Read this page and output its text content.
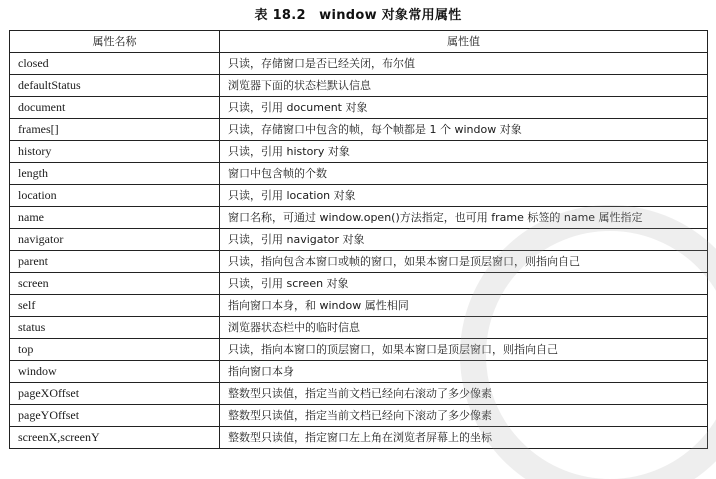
表 18.2　window 对象常用属性
属性名称	属性值
closed	只读，存储窗口是否已经关闭，布尔值
defaultStatus	浏览器下面的状态栏默认信息
document	只读，引用 document 对象
frames[]	只读，存储窗口中包含的帧，每个帧都是 1 个 window 对象
history	只读，引用 history 对象
length	窗口中包含帧的个数
location	只读，引用 location 对象
name	窗口名称，可通过 window.open()方法指定，也可用 frame 标签的 name 属性指定
navigator	只读，引用 navigator 对象
parent	只读，指向包含本窗口或帧的窗口，如果本窗口是顶层窗口，则指向自己
screen	只读，引用 screen 对象
self	指向窗口本身，和 window 属性相同
status	浏览器状态栏中的临时信息
top	只读，指向本窗口的顶层窗口，如果本窗口是顶层窗口，则指向自己
window	指向窗口本身
pageXOffset	整数型只读值，指定当前文档已经向右滚动了多少像素
pageYOffset	整数型只读值，指定当前文档已经向下滚动了多少像素
screenX,screenY	整数型只读值，指定窗口左上角在浏览者屏幕上的坐标
